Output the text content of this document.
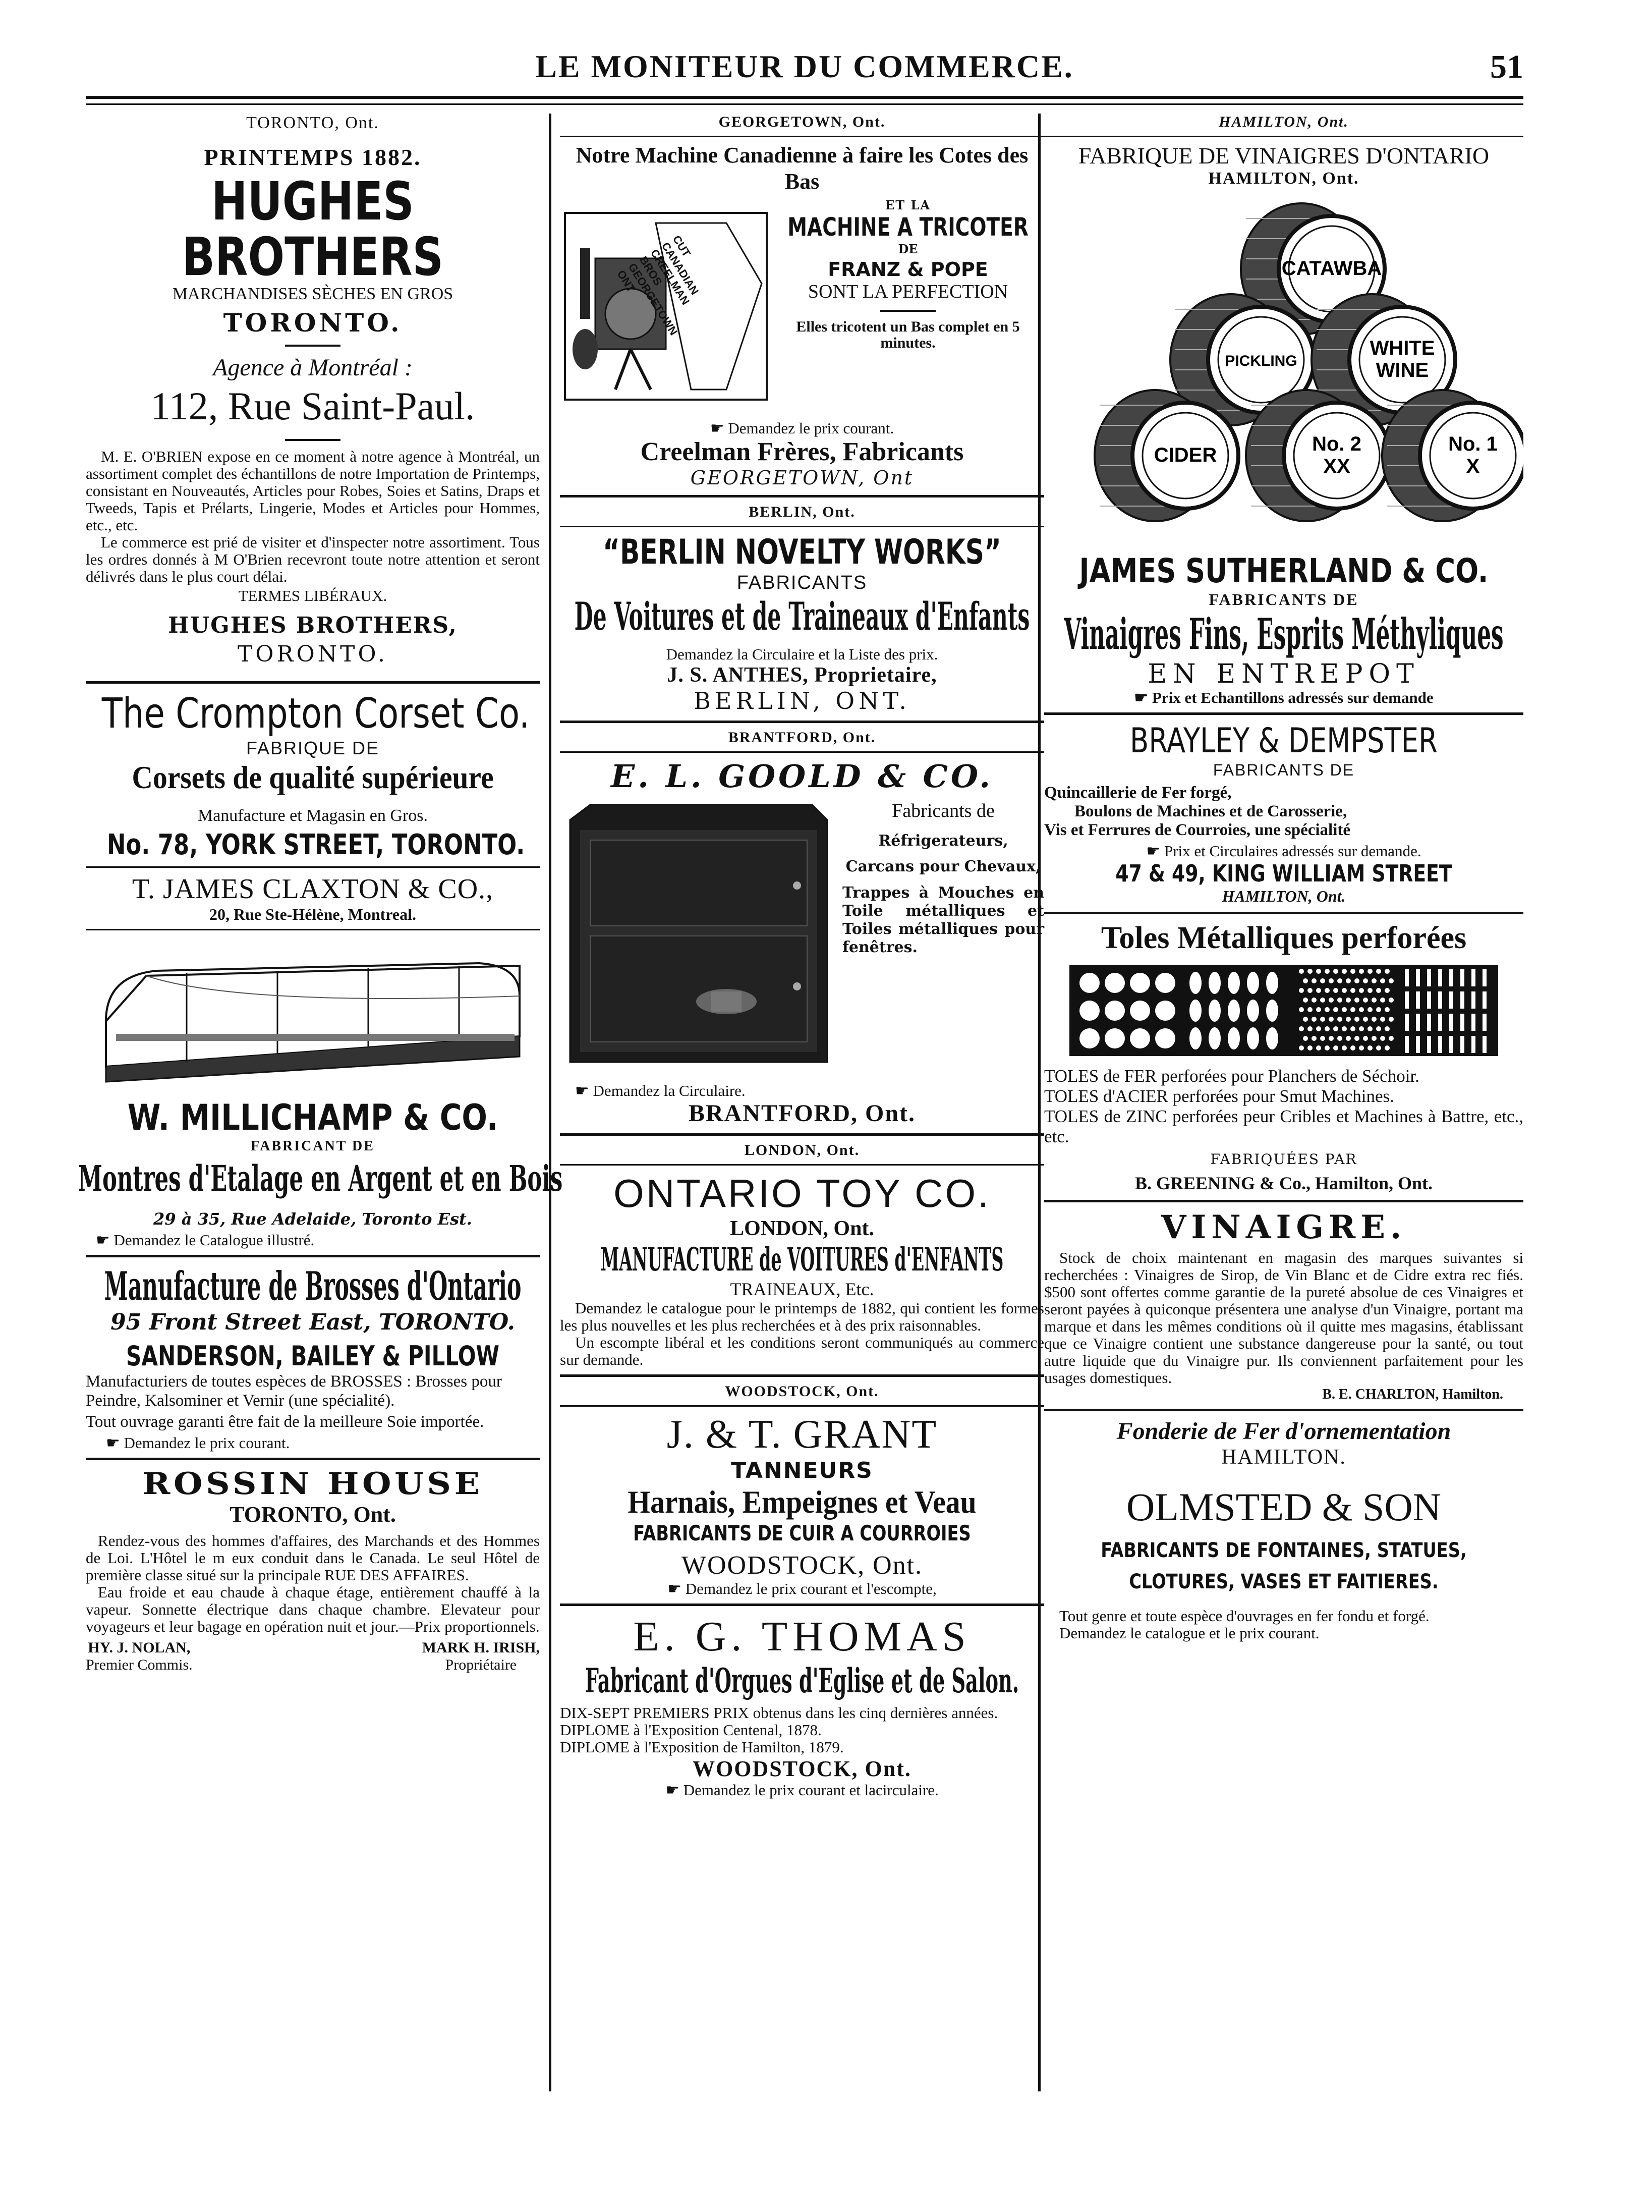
LE MONITEUR DU COMMERCE.	51
TORONTO, Ont.
PRINTEMPS 1882.
HUGHES BROTHERS
MARCHANDISES SÈCHES EN GROS
TORONTO.
Agence à Montréal :
112, Rue Saint-Paul.
M. E. O'BRIEN expose en ce moment à notre agence à Montréal, un assortiment complet des échantillons de notre Importation de Printemps, consistant en Nouveautés, Articles pour Robes, Soies et Satins, Draps et Tweeds, Tapis et Prélarts, Lingerie, Modes et Articles pour Hommes, etc., etc.
Le commerce est prié de visiter et d'inspecter notre assortiment. Tous les ordres donnés à M O'Brien recevront toute notre attention et seront délivrés dans le plus court délai.
TERMES LIBÉRAUX.
HUGHES BROTHERS,
TORONTO.
The Crompton Corset Co.
FABRIQUE DE
Corsets de qualité supérieure
Manufacture et Magasin en Gros.
No. 78, YORK STREET, TORONTO.
T. JAMES CLAXTON & CO.,
20, Rue Ste-Hélène, Montreal.
W. MILLICHAMP & CO.
FABRICANT DE
Montres d'Etalage en Argent et en Bois
29 à 35, Rue Adelaide, Toronto Est.
☛ Demandez le Catalogue illustré.
Manufacture de Brosses d'Ontario
95 Front Street East, TORONTO.
SANDERSON, BAILEY & PILLOW
Manufacturiers de toutes espèces de BROSSES : Brosses pour Peindre, Kalsominer et Vernir (une spécialité).
Tout ouvrage garanti être fait de la meilleure Soie importée.
☛ Demandez le prix courant.
ROSSIN HOUSE
TORONTO, Ont.
Rendez-vous des hommes d'affaires, des Marchands et des Hommes de Loi. L'Hôtel le m eux conduit dans le Canada. Le seul Hôtel de première classe situé sur la principale RUE DES AFFAIRES.
Eau froide et eau chaude à chaque étage, entièrement chauffé à la vapeur. Sonnette électrique dans chaque chambre. Elevateur pour voyageurs et leur bagage en opération nuit et jour.—Prix proportionnels.
HY. J. NOLAN,
Premier Commis.
MARK H. IRISH,
Propriétaire
GEORGETOWN, Ont.
Notre Machine Canadienne à faire les Cotes des Bas
CUT CANADIAN CREELMAN BROS GEORGETOWN ONT
ET LA
MACHINE A TRICOTER
DE
FRANZ & POPE
SONT LA PERFECTION
Elles tricotent un Bas complet en 5 minutes.
☛ Demandez le prix courant.
Creelman Frères, Fabricants
GEORGETOWN, Ont
BERLIN, Ont.
“BERLIN NOVELTY WORKS”
FABRICANTS
De Voitures et de Traineaux d'Enfants
Demandez la Circulaire et la Liste des prix.
J. S. ANTHES, Proprietaire,
BERLIN, ONT.
BRANTFORD, Ont.
E. L. GOOLD & CO.
Fabricants de
Réfrigerateurs,
Carcans pour Chevaux,
Trappes à Mouches en Toile métalliques et Toiles métalliques pour fenêtres.
☛ Demandez la Circulaire.
BRANTFORD, Ont.
LONDON, Ont.
ONTARIO TOY CO.
LONDON, Ont.
MANUFACTURE de VOITURES d'ENFANTS
TRAINEAUX, Etc.
Demandez le catalogue pour le printemps de 1882, qui contient les formes les plus nouvelles et les plus recherchées et à des prix raisonnables.
Un escompte libéral et les conditions seront communiqués au commerce sur demande.
WOODSTOCK, Ont.
J. & T. GRANT
TANNEURS
Harnais, Empeignes et Veau
FABRICANTS DE CUIR A COURROIES
WOODSTOCK, Ont.
☛ Demandez le prix courant et l'escompte,
E. G. THOMAS
Fabricant d'Orgues d'Eglise et de Salon.
DIX-SEPT PREMIERS PRIX obtenus dans les cinq dernières années.
DIPLOME à l'Exposition Centenal, 1878.
DIPLOME à l'Exposition de Hamilton, 1879.
WOODSTOCK, Ont.
☛ Demandez le prix courant et lacirculaire.
HAMILTON, Ont.
FABRIQUE DE VINAIGRES D'ONTARIO
HAMILTON, Ont.
CATAWBA
PICKLING
WHITE
WINE
CIDER	No. 2
XX
No. 1
X
JAMES SUTHERLAND & CO.
FABRICANTS DE
Vinaigres Fins, Esprits Méthyliques
EN ENTREPOT
☛ Prix et Echantillons adressés sur demande
BRAYLEY & DEMPSTER
FABRICANTS DE
Quincaillerie de Fer forgé,
Boulons de Machines et de Carosserie,
Vis et Ferrures de Courroies, une spécialité
☛ Prix et Circulaires adressés sur demande.
47 & 49, KING WILLIAM STREET
HAMILTON, Ont.
Toles Métalliques perforées
TOLES de FER perforées pour Planchers de Séchoir.
TOLES d'ACIER perforées pour Smut Machines.
TOLES de ZINC perforées peur Cribles et Machines à Battre, etc., etc.
FABRIQUÉES PAR
B. GREENING & Co., Hamilton, Ont.
VINAIGRE.
Stock de choix maintenant en magasin des marques suivantes si recherchées : Vinaigres de Sirop, de Vin Blanc et de Cidre extra rec fiés. $500 sont offertes comme garantie de la pureté absolue de ces Vinaigres et seront payées à quiconque présentera une analyse d'un Vinaigre, portant ma marque et dans les mêmes conditions où il quitte mes magasins, établissant que ce Vinaigre contient une substance dangereuse pour la santé, ou tout autre liquide que du Vinaigre pur. Ils conviennent parfaitement pour les usages domestiques.
B. E. CHARLTON, Hamilton.
Fonderie de Fer d'ornementation
HAMILTON.
OLMSTED & SON
FABRICANTS DE FONTAINES, STATUES, CLOTURES, VASES ET FAITIERES.
Tout genre et toute espèce d'ouvrages en fer fondu et forgé.
Demandez le catalogue et le prix courant.
